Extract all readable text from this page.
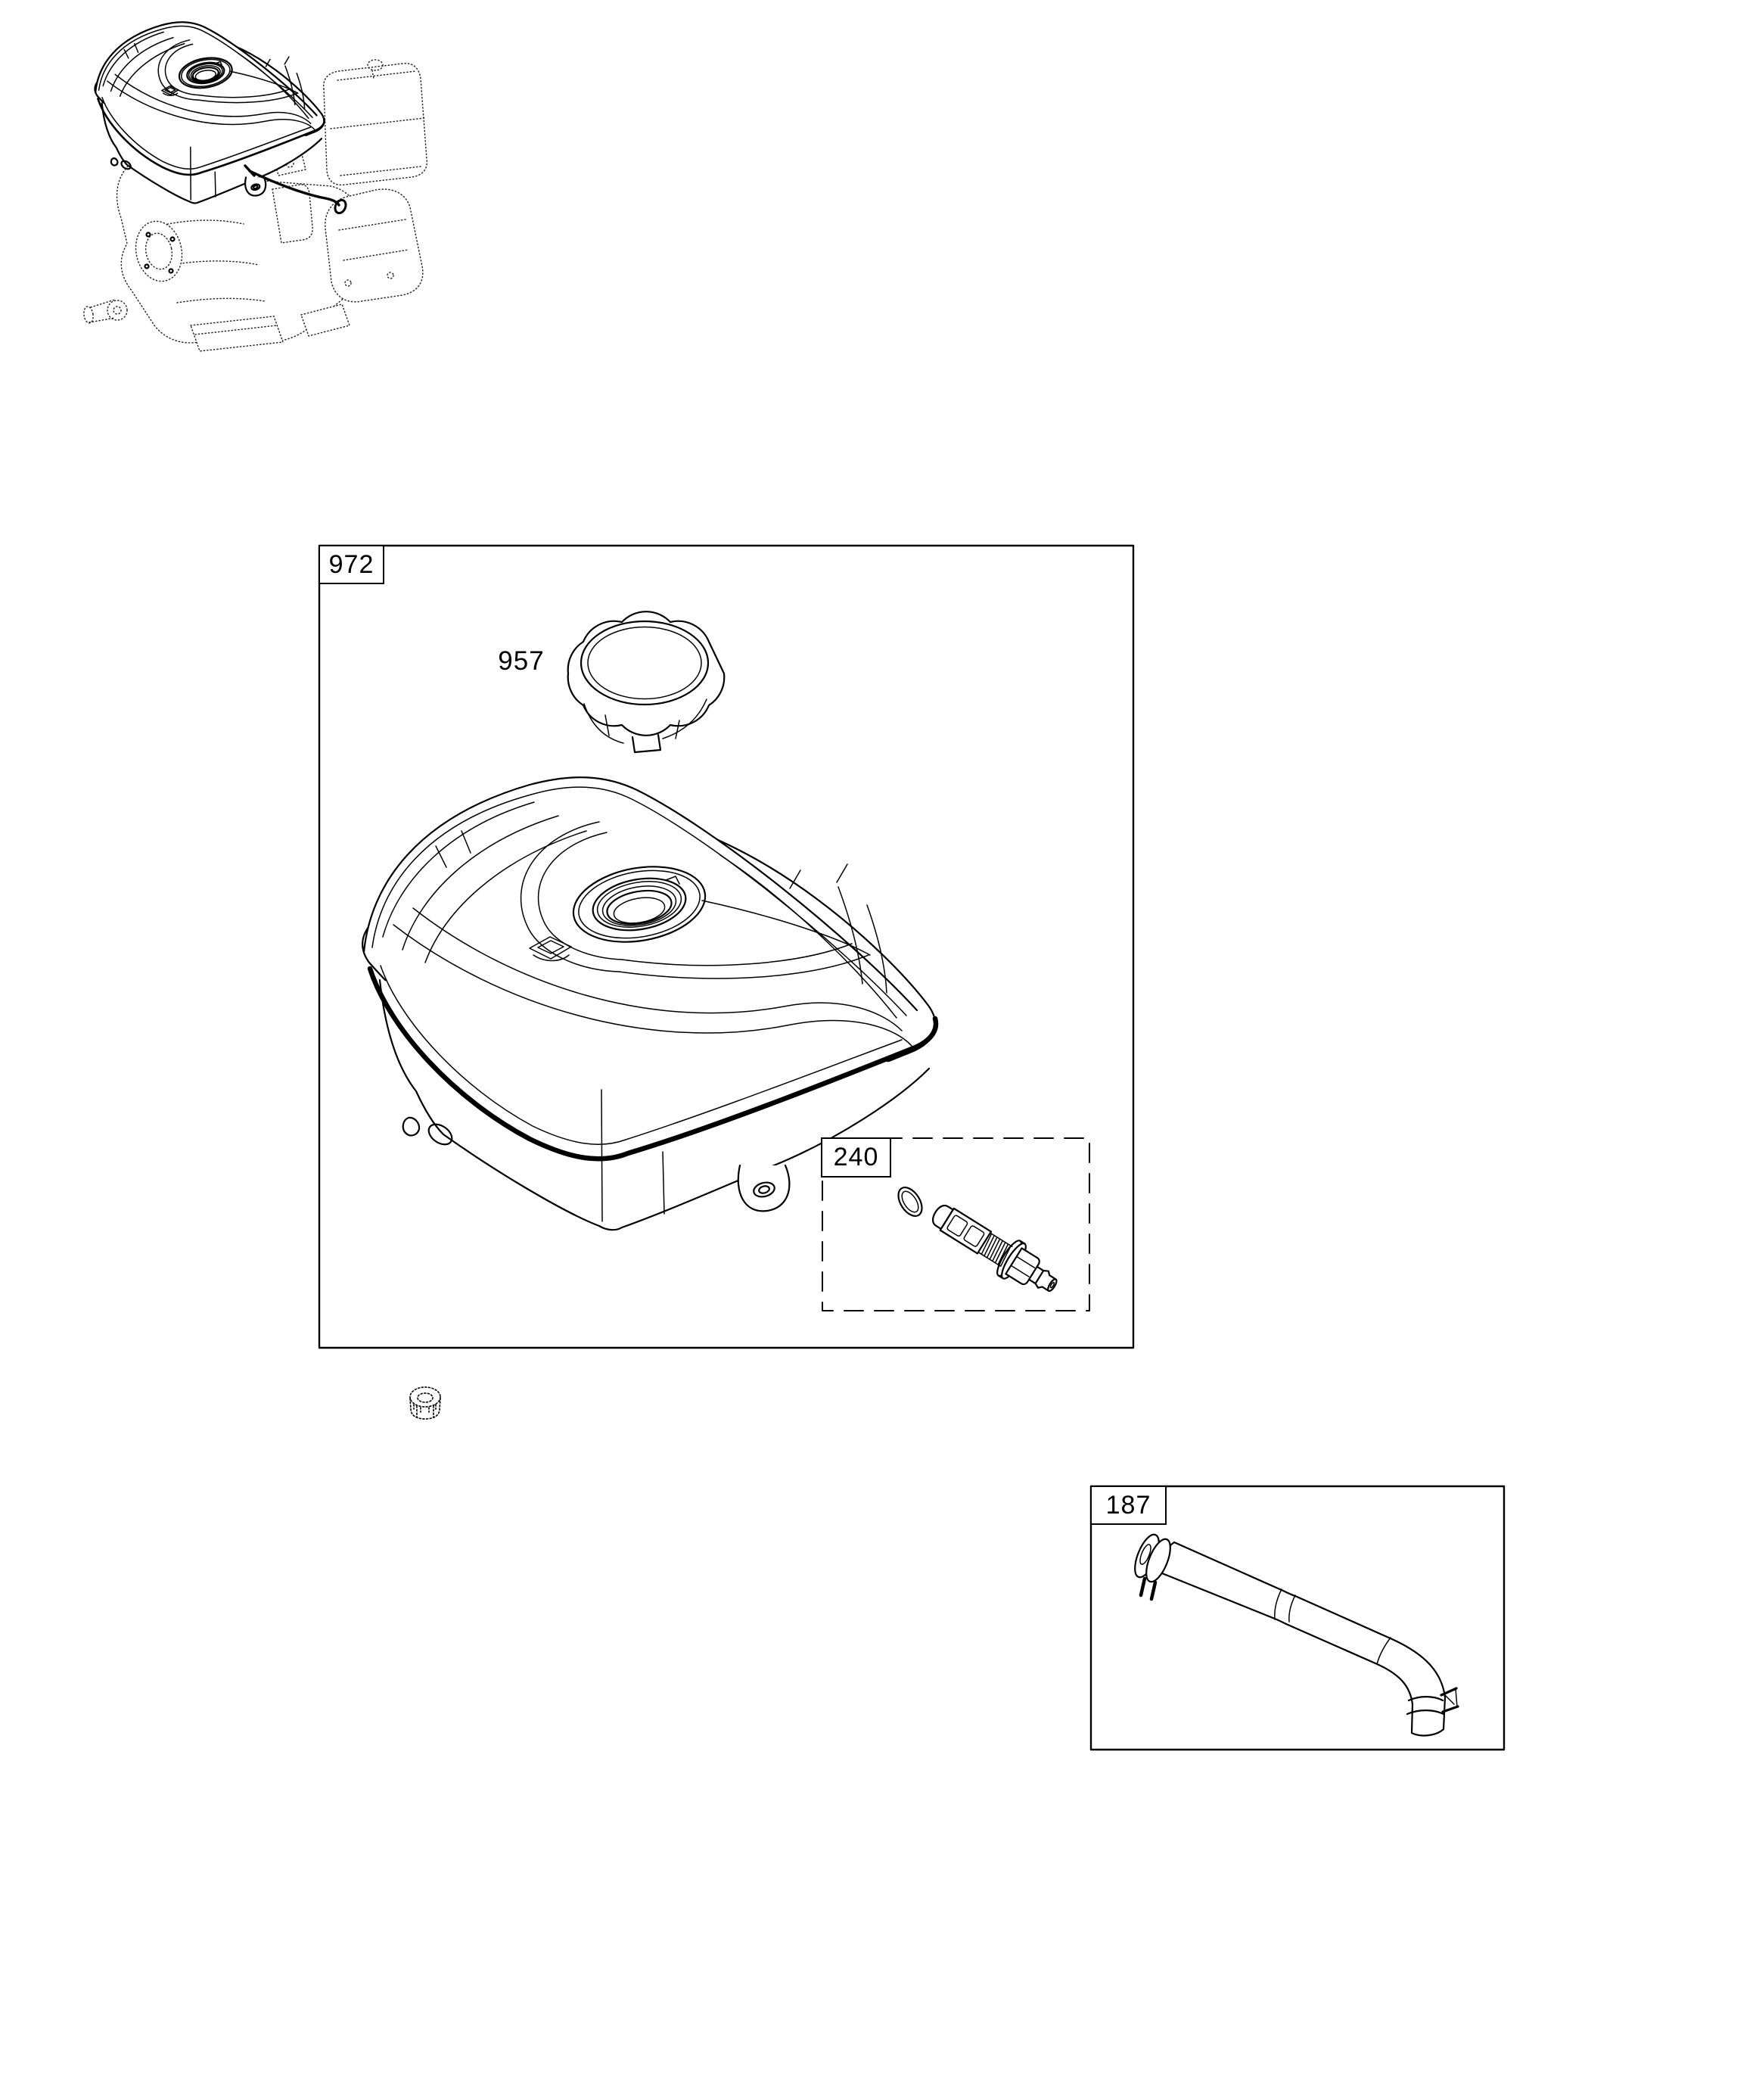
972
957
240
187
